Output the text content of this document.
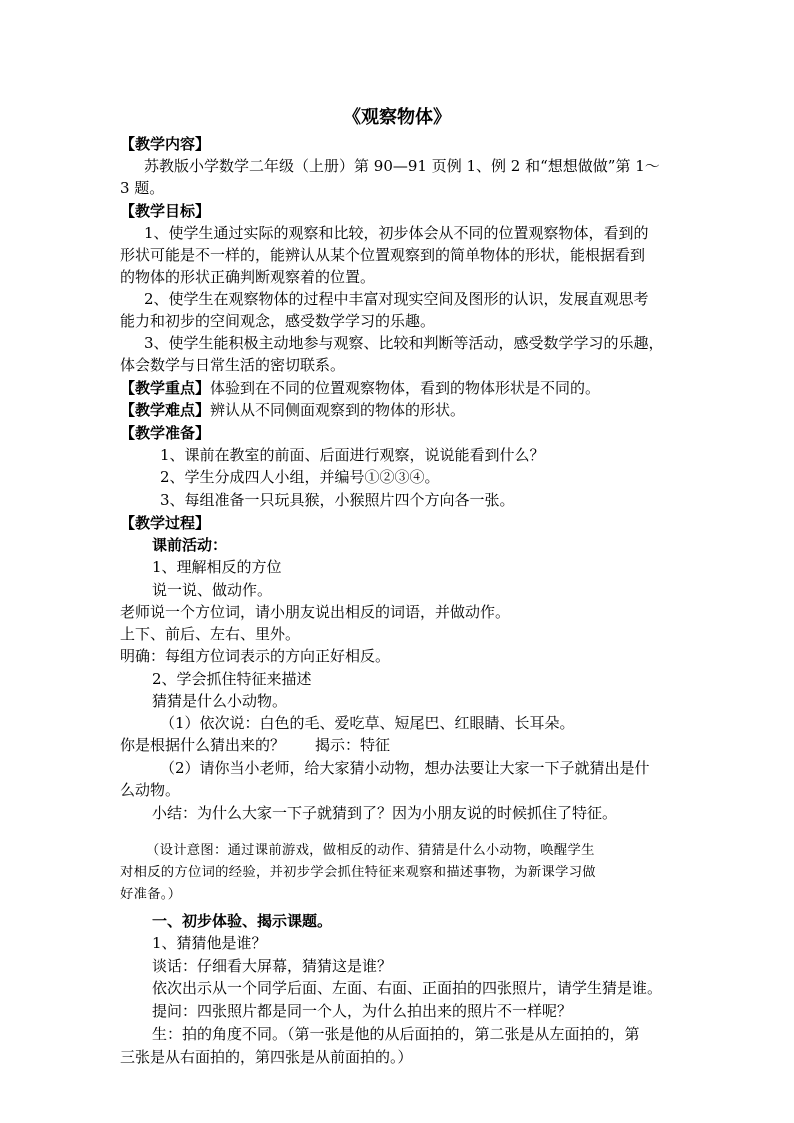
《观察物体》
【教学内容】
苏教版小学数学二年级（上册）第 90—91 页例 1、例 2 和“想想做做”第 1～
3 题。
【教学目标】
1、使学生通过实际的观察和比较，初步体会从不同的位置观察物体，看到的
形状可能是不一样的，能辨认从某个位置观察到的简单物体的形状，能根据看到
的物体的形状正确判断观察着的位置。
2、使学生在观察物体的过程中丰富对现实空间及图形的认识，发展直观思考
能力和初步的空间观念，感受数学学习的乐趣。
3、使学生能积极主动地参与观察、比较和判断等活动，感受数学学习的乐趣，
体会数学与日常生活的密切联系。
【教学重点】体验到在不同的位置观察物体，看到的物体形状是不同的。
【教学难点】辨认从不同侧面观察到的物体的形状。
【教学准备】
1、课前在教室的前面、后面进行观察，说说能看到什么？
2、学生分成四人小组，并编号①②③④。
3、每组准备一只玩具猴，小猴照片四个方向各一张。
【教学过程】
课前活动：
1、理解相反的方位
说一说、做动作。
老师说一个方位词，请小朋友说出相反的词语，并做动作。
上下、前后、左右、里外。
明确：每组方位词表示的方向正好相反。
2、学会抓住特征来描述
猜猜是什么小动物。
（1）依次说：白色的毛、爱吃草、短尾巴、红眼睛、长耳朵。
你是根据什么猜出来的？ 揭示：特征
（2）请你当小老师，给大家猜小动物，想办法要让大家一下子就猜出是什
么动物。
小结：为什么大家一下子就猜到了？因为小朋友说的时候抓住了特征。
（设计意图：通过课前游戏，做相反的动作、猜猜是什么小动物，唤醒学生
对相反的方位词的经验，并初步学会抓住特征来观察和描述事物，为新课学习做
好准备。）
一、初步体验、揭示课题。
1、猜猜他是谁？
谈话：仔细看大屏幕，猜猜这是谁？
依次出示从一个同学后面、左面、右面、正面拍的四张照片，请学生猜是谁。
提问：四张照片都是同一个人，为什么拍出来的照片不一样呢？
生：拍的角度不同。（第一张是他的从后面拍的，第二张是从左面拍的，第
三张是从右面拍的，第四张是从前面拍的。）
